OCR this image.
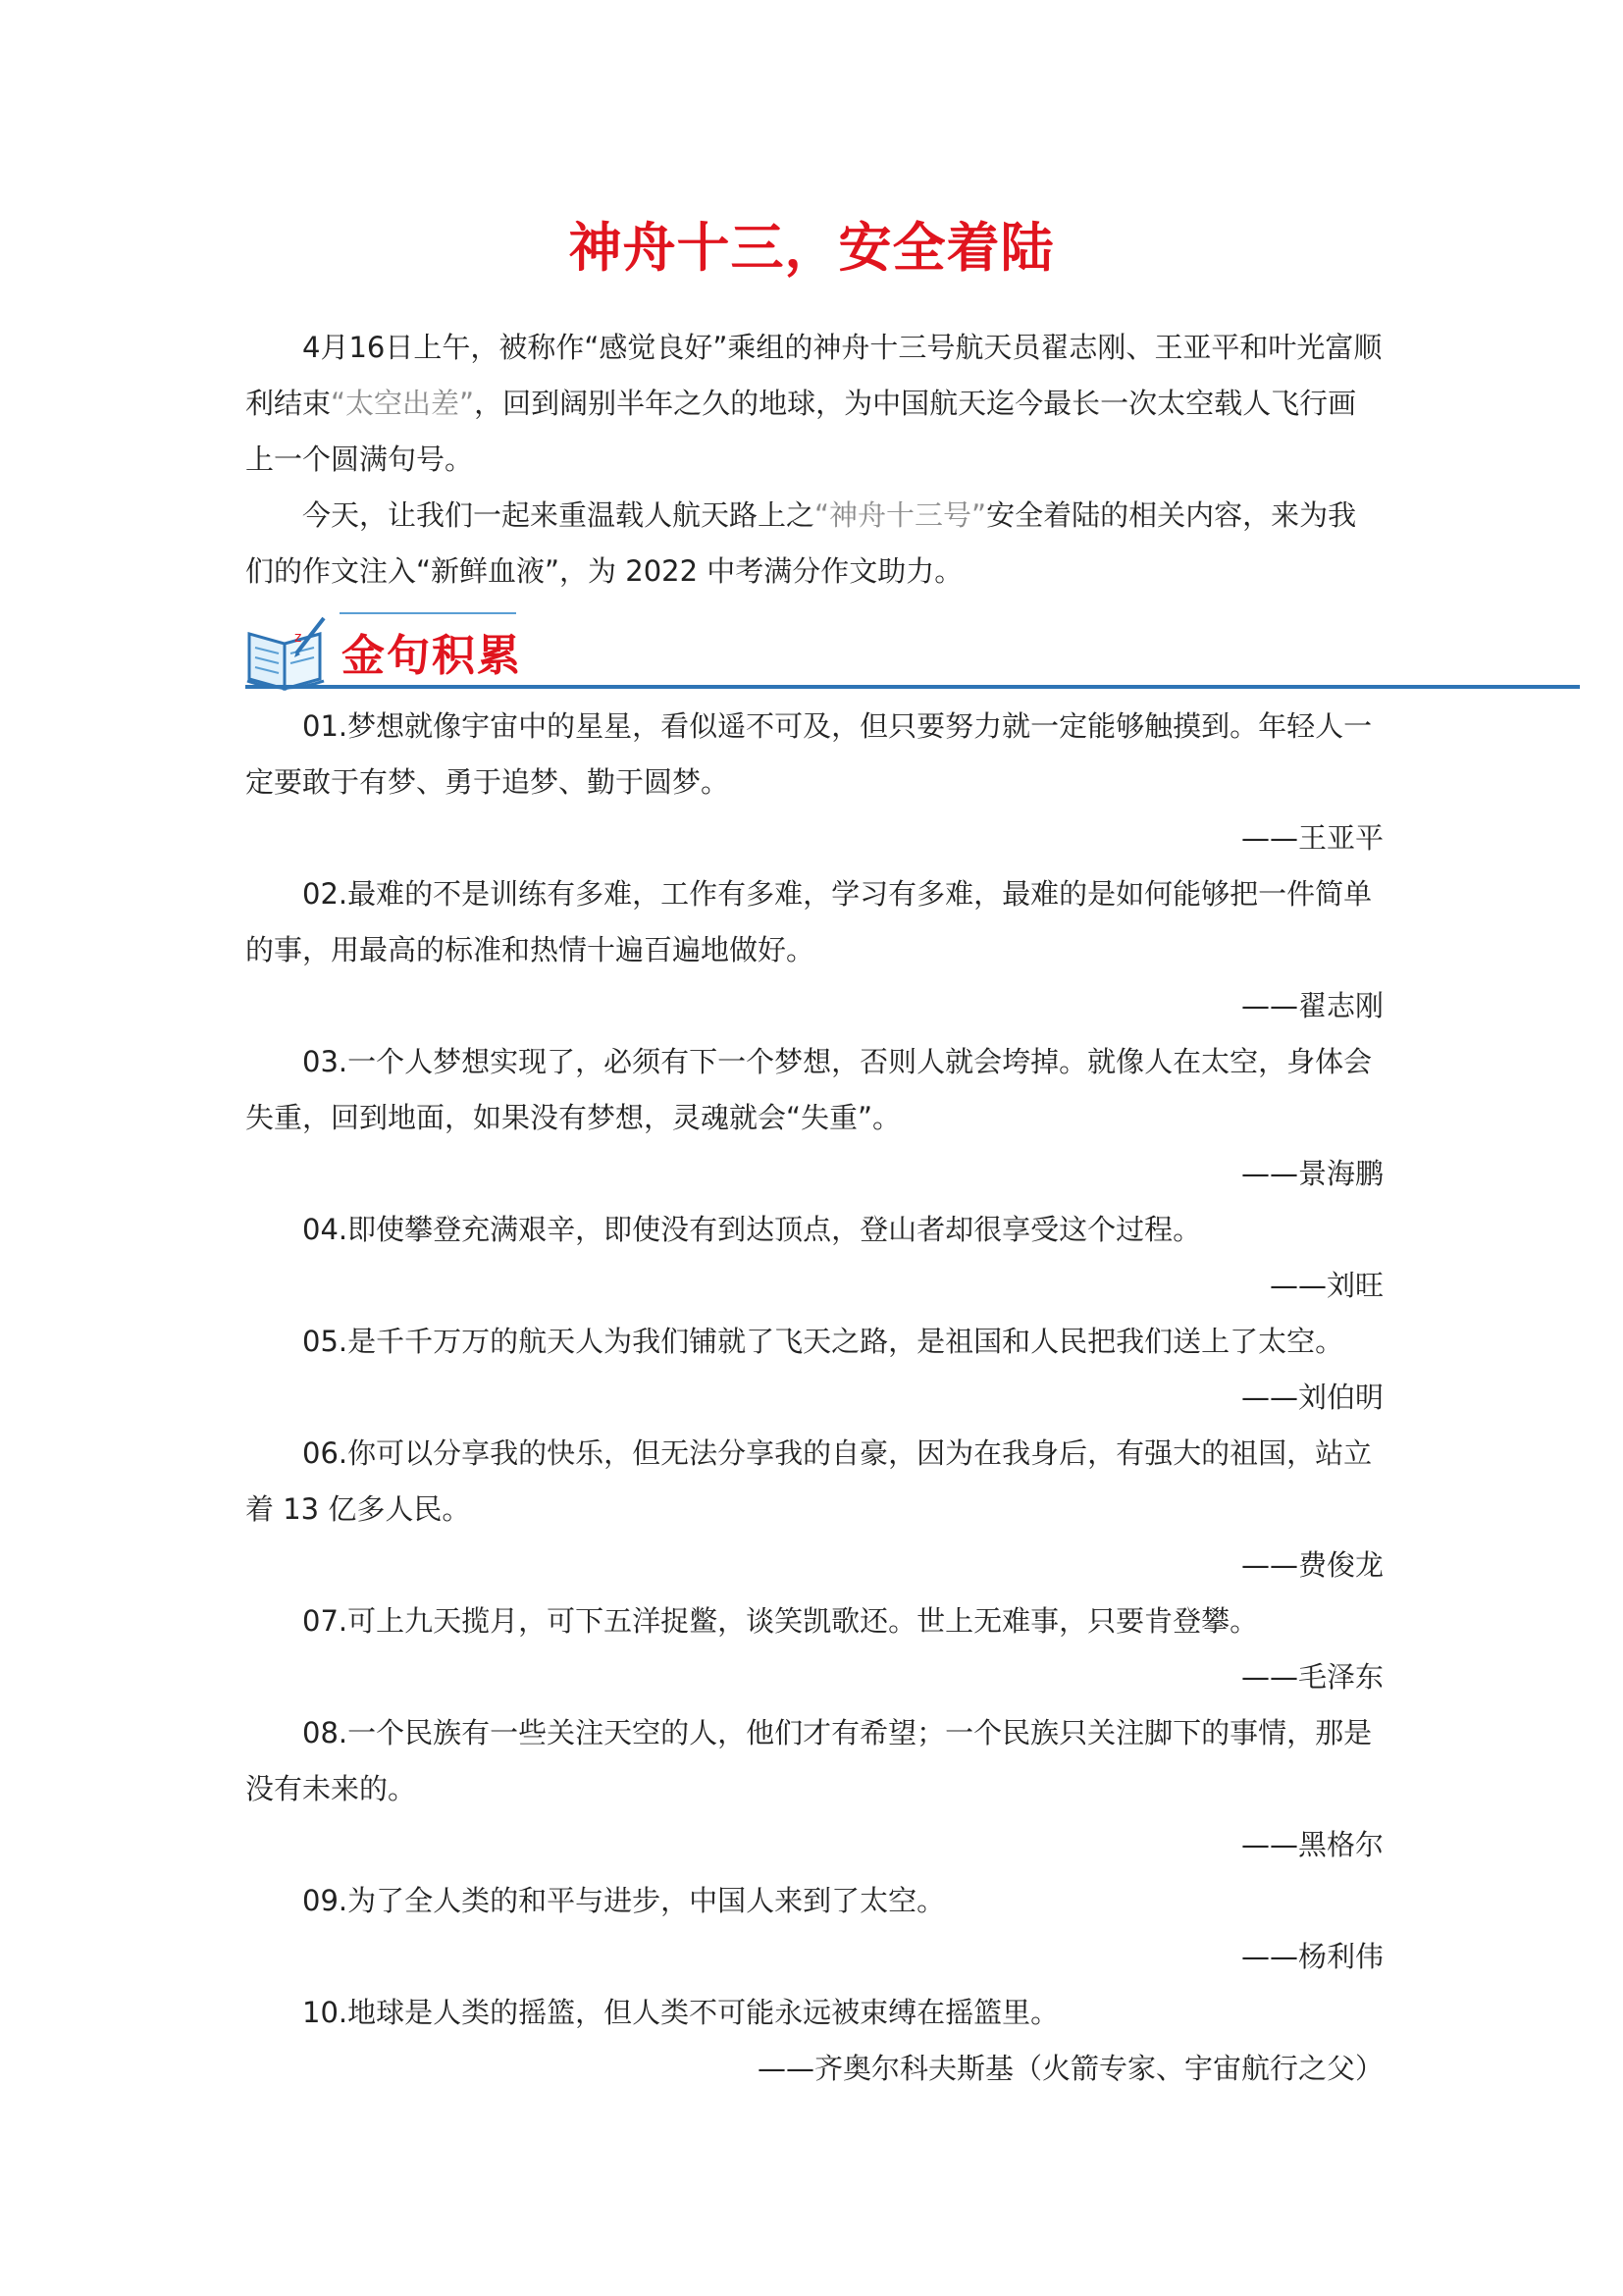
神舟十三，安全着陆

4月16日上午，被称作“感觉良好”乘组的神舟十三号航天员翟志刚、王亚平和叶光富顺利结束“太空出差”，回到阔别半年之久的地球，为中国航天迄今最长一次太空载人飞行画上一个圆满句号。

今天，让我们一起来重温载人航天路上之“神舟十三号”安全着陆的相关内容，来为我们的作文注入“新鲜血液”，为 2022 中考满分作文助力。

z 金句积累

01.梦想就像宇宙中的星星，看似遥不可及，但只要努力就一定能够触摸到。年轻人一定要敢于有梦、勇于追梦、勤于圆梦。

——王亚平

02.最难的不是训练有多难，工作有多难，学习有多难，最难的是如何能够把一件简单的事，用最高的标准和热情十遍百遍地做好。

——翟志刚

03.一个人梦想实现了，必须有下一个梦想，否则人就会垮掉。就像人在太空，身体会失重，回到地面，如果没有梦想，灵魂就会“失重”。

——景海鹏

04.即使攀登充满艰辛，即使没有到达顶点，登山者却很享受这个过程。

——刘旺

05.是千千万万的航天人为我们铺就了飞天之路，是祖国和人民把我们送上了太空。

——刘伯明

06.你可以分享我的快乐，但无法分享我的自豪，因为在我身后，有强大的祖国，站立着 13 亿多人民。

——费俊龙

07.可上九天揽月，可下五洋捉鳖，谈笑凯歌还。世上无难事，只要肯登攀。

——毛泽东

08.一个民族有一些关注天空的人，他们才有希望；一个民族只关注脚下的事情，那是没有未来的。

——黑格尔

09.为了全人类的和平与进步，中国人来到了太空。

——杨利伟

10.地球是人类的摇篮，但人类不可能永远被束缚在摇篮里。

——齐奥尔科夫斯基（火箭专家、宇宙航行之父）
